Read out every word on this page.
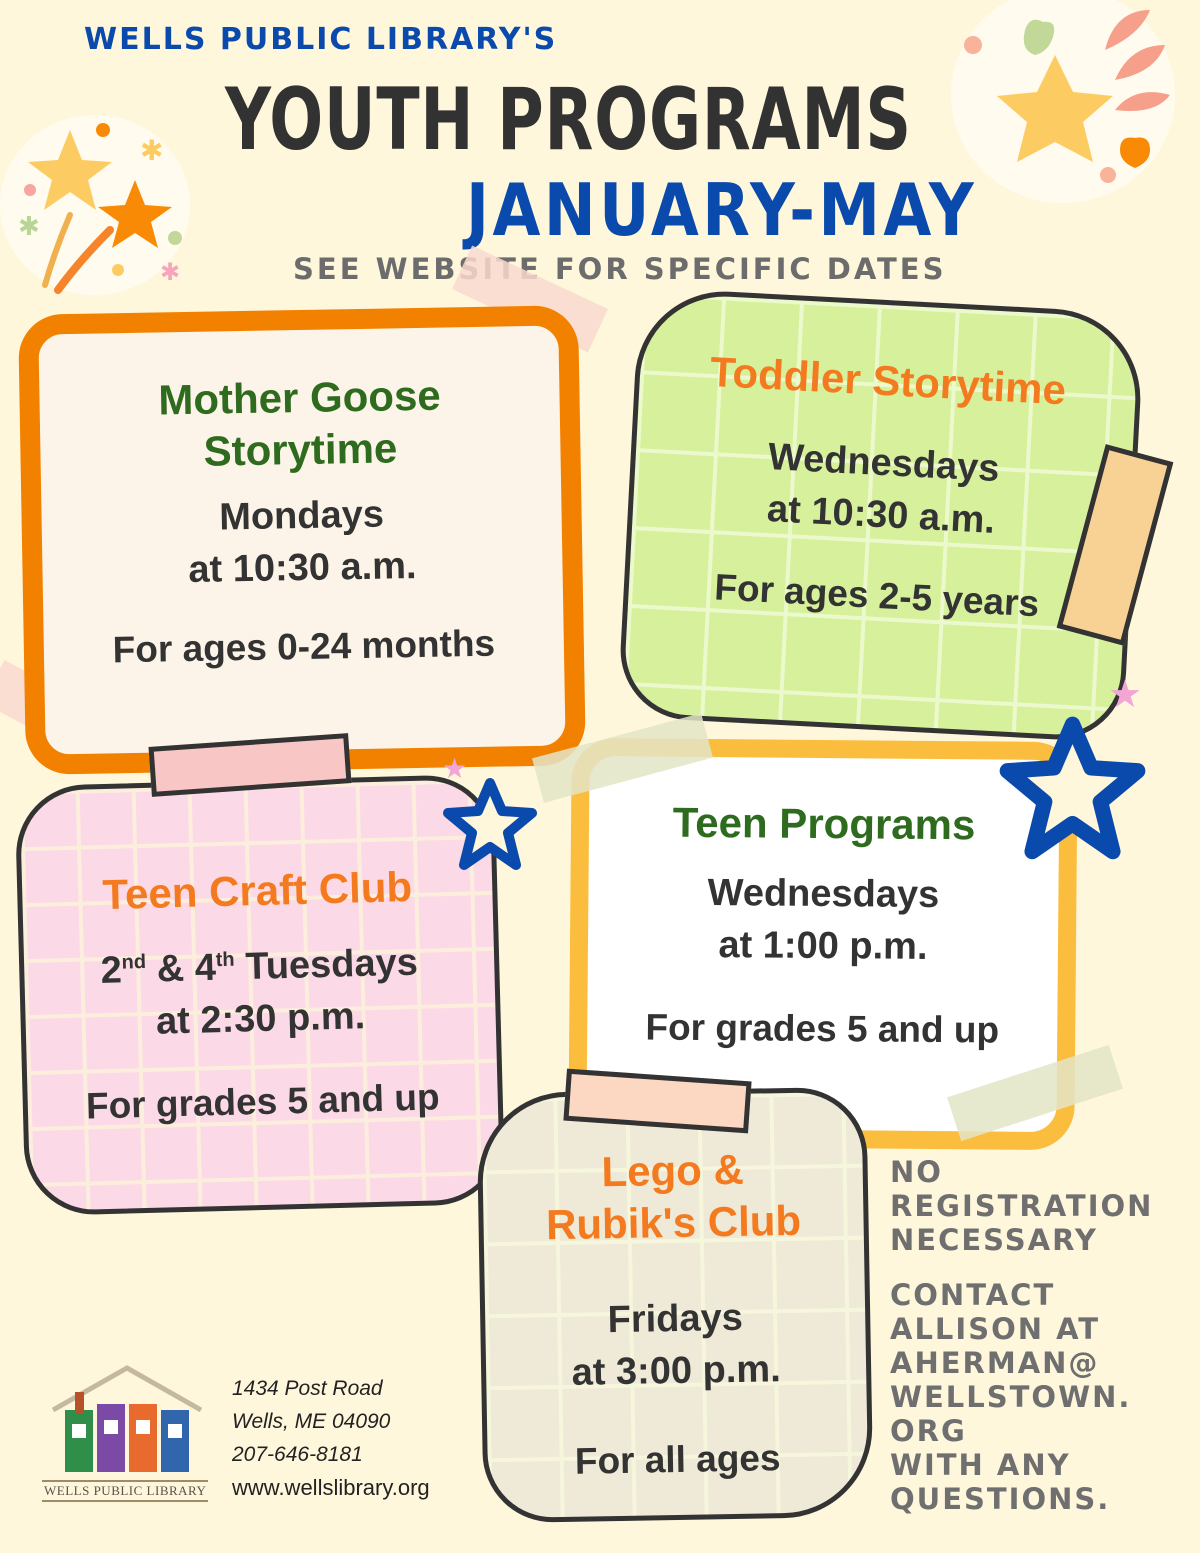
✱
✱
✱
WELLS PUBLIC LIBRARY'S
YOUTH PROGRAMS
JANUARY-MAY
SEE WEBSITE FOR SPECIFIC DATES
Mother Goose
Storytime
Mondays
at 10:30 a.m.
For ages 0-24 months
Toddler Storytime
Wednesdays
at 10:30 a.m.
For ages 2-5 years
Teen Craft Club
2nd & 4th Tuesdays
at 2:30 p.m.
For grades 5 and up
Teen Programs
Wednesdays
at 1:00 p.m.
For grades 5 and up
Lego &
Rubik's Club
Fridays
at 3:00 p.m.
For all ages
★
★
NO
REGISTRATION
NECESSARY
CONTACT
ALLISON AT
AHERMAN@
WELLSTOWN.
ORG
WITH ANY
QUESTIONS.
WELLS PUBLIC LIBRARY
1434 Post Road
Wells, ME 04090
207-646-8181
www.wellslibrary.org
